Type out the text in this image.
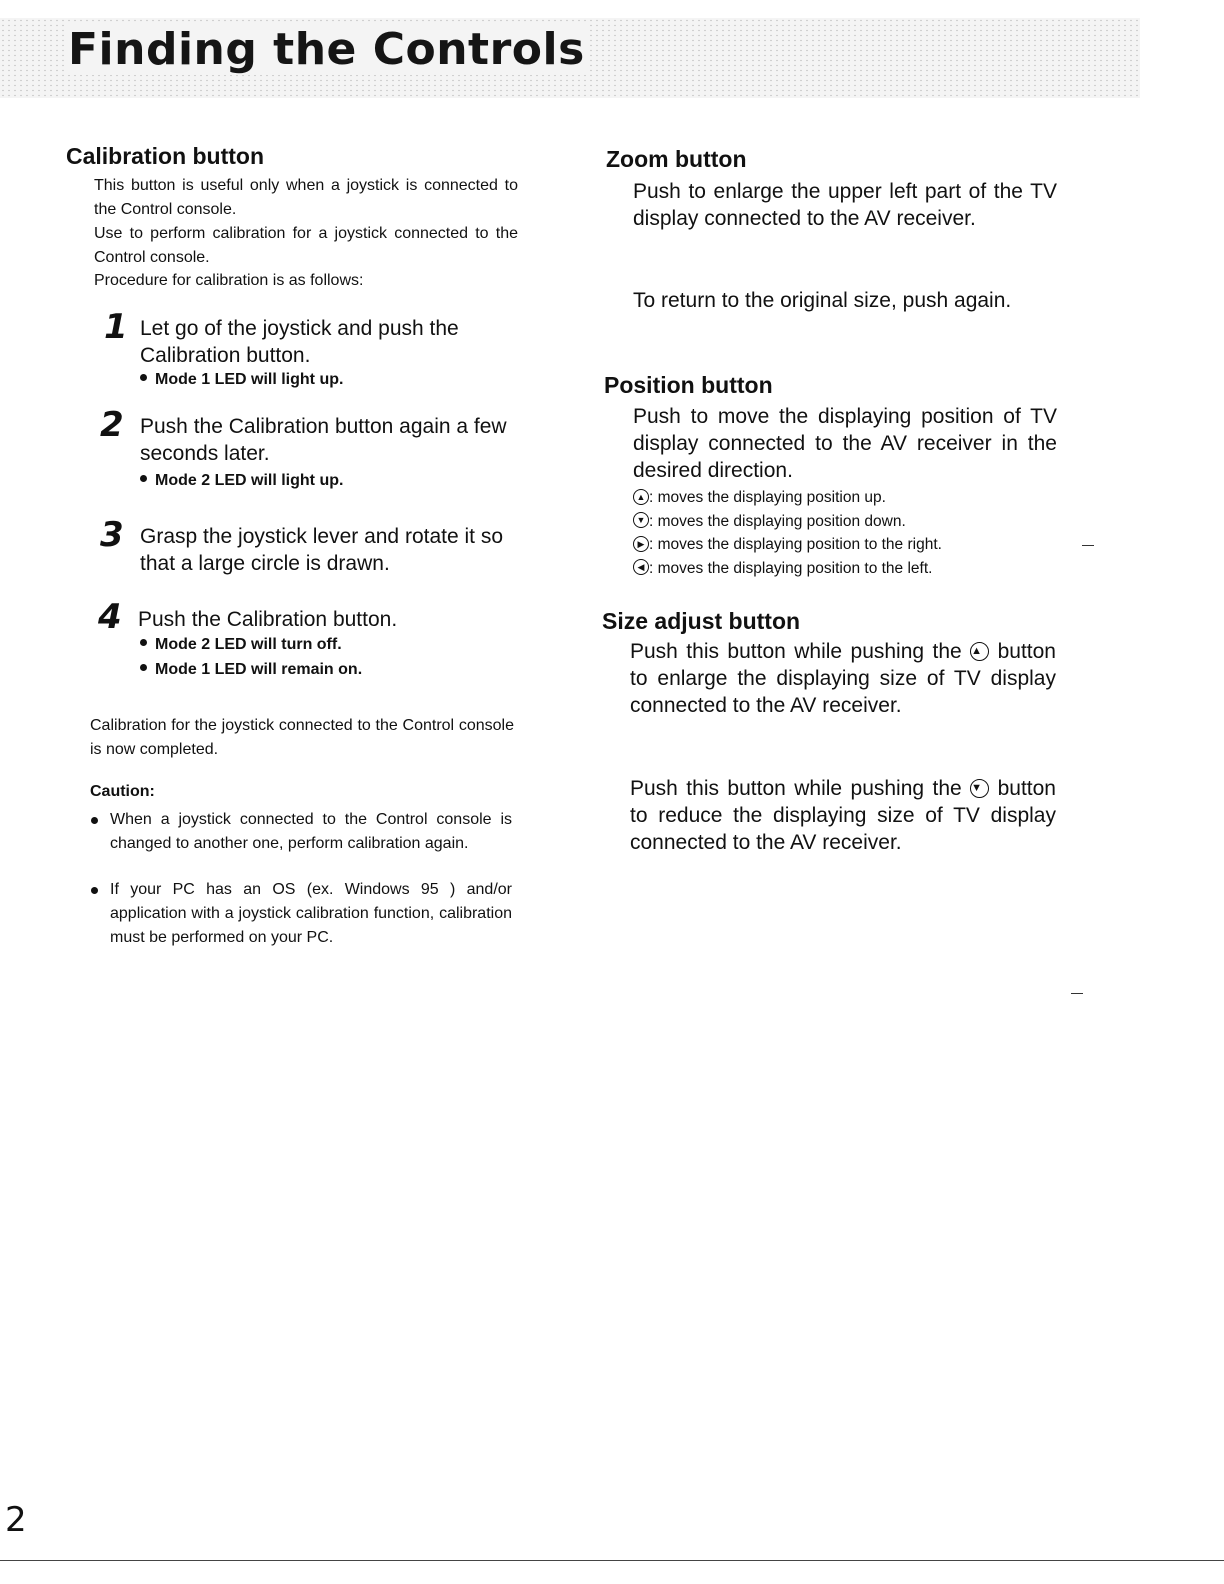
Finding the Controls
Calibration button

This button is useful only when a joystick is connected to the Control console.

Use to perform calibration for a joystick connected to the Control console.

Procedure for calibration is as follows:

1 Let go of the joystick and push the Calibration button.

Mode 1 LED will light up.

2 Push the Calibration button again a few seconds later.

Mode 2 LED will light up.

3 Grasp the joystick lever and rotate it so that a large circle is drawn.

4 Push the Calibration button.

Mode 2 LED will turn off.

Mode 1 LED will remain on.

Calibration for the joystick connected to the Control console is now completed.

Caution:

When a joystick connected to the Control console is changed to another one, perform calibration again.

If your PC has an OS (ex. Windows 95 ) and/or application with a joystick calibration function, calibration must be performed on your PC.

Zoom button

Push to enlarge the upper left part of the TV display connected to the AV receiver.

To return to the original size, push again.

Position button

Push to move the displaying position of TV display connected to the AV receiver in the desired direction.

▲ : moves the displaying position up.
▼ : moves the displaying position down.
▶ : moves the displaying position to the right.
◀ : moves the displaying position to the left.
Size adjust button

Push this button while pushing the ▲ button to enlarge the displaying size of TV display connected to the AV receiver.

Push this button while pushing the ▼ button to reduce the displaying size of TV display connected to the AV receiver.

2
